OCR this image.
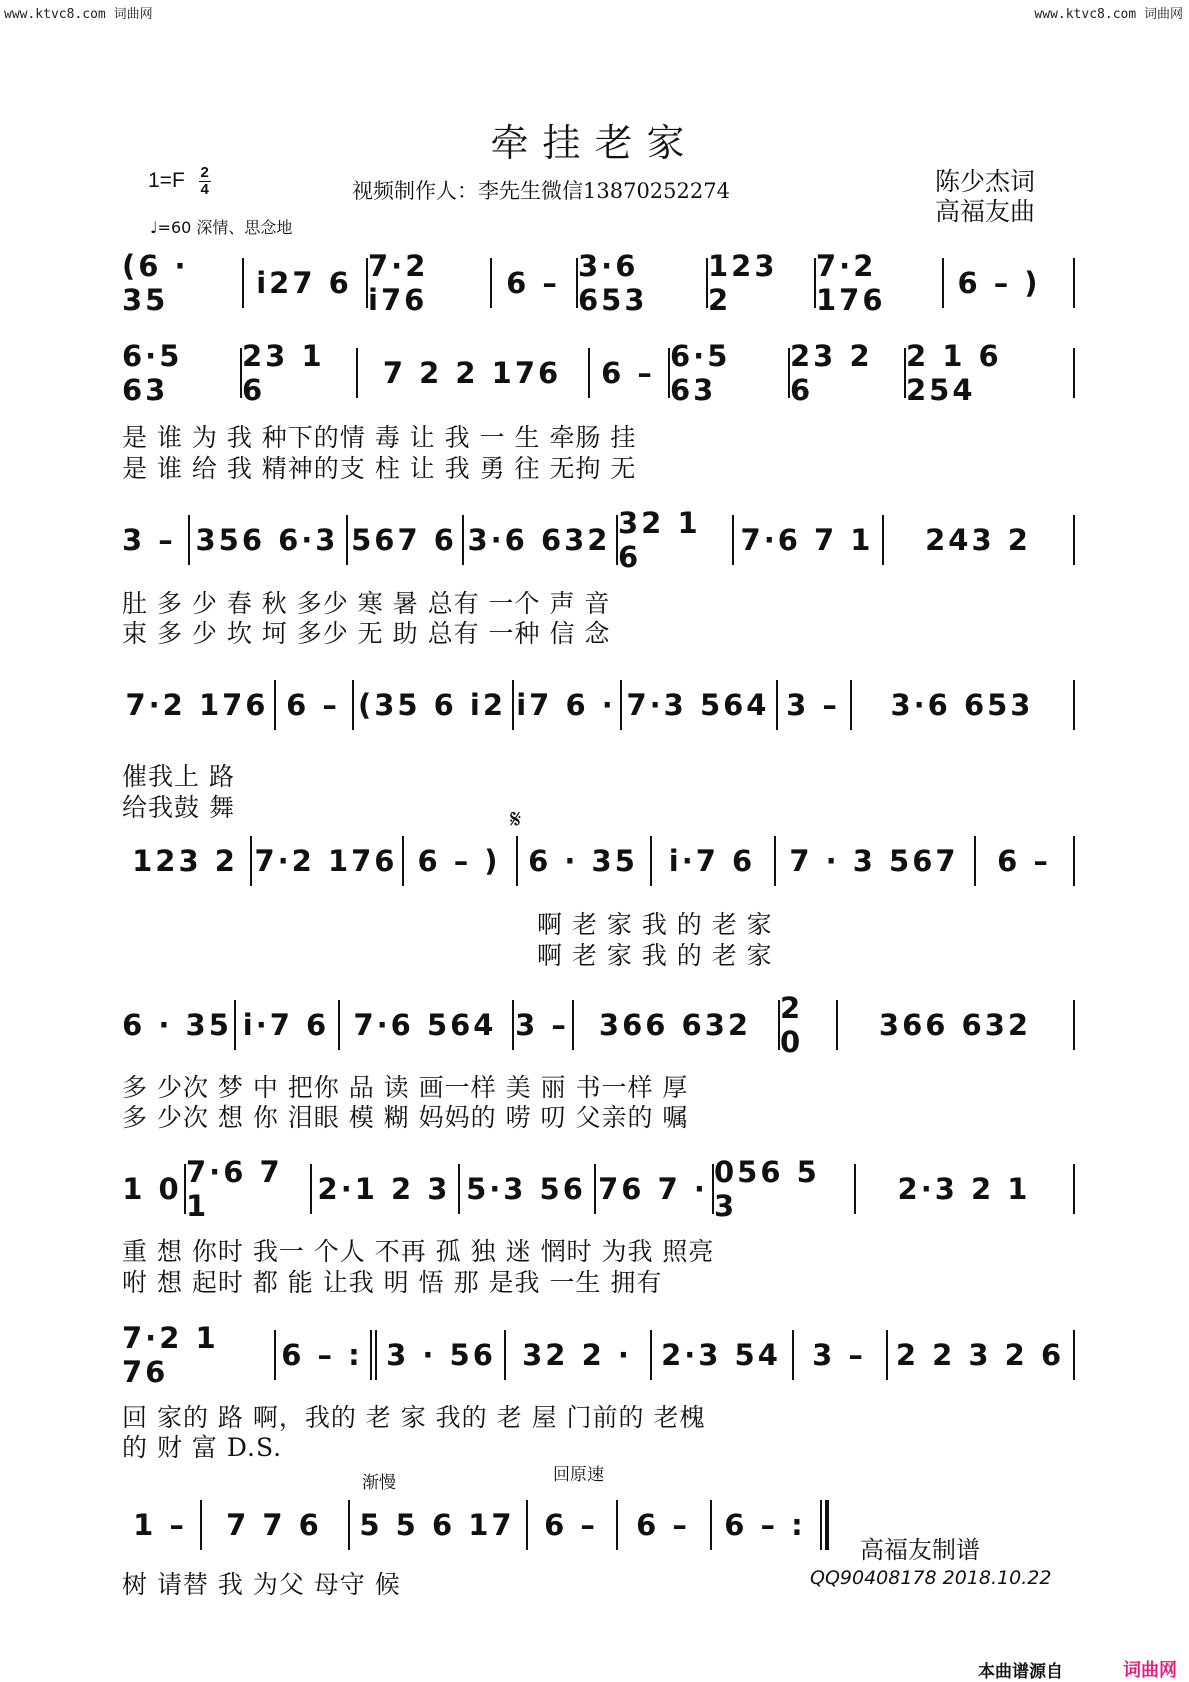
www.ktvc8.com 词曲网	www.ktvc8.com 词曲网
牵挂老家
$1=F \frac{2}{4}$	视频制作人：李先生微信13870252274	陈少杰词
高福友曲
♩=60 深情、思念地
(6 · 35	i27 6 7·2 i76	6 – 3·6 653
123 2
7·2 176	6 – )
6·5 63
23 1 6	7 2 2 176	6 – 6·5 63
23 2 6
2 1 6 254
是 谁 为 我 种下的情 毒 让 我 一 生 牵肠 挂
是 谁 给 我 精神的支 柱 让 我 勇 往 无拘 无
3 – 356 6·3 567 6 3·6 632 32 1 6	7·6 7 1	243 2
肚 多 少 春 秋 多少 寒 暑 总有 一个 声 音
束 多 少 坎 坷 多少 无 助 总有 一种 信 念
7·2 176 6 – (35 6 i2 i7 6 · 7·3 564 3 –	3·6 653
催我上 路
给我鼓 舞	𝄋
123 2 7·2 176 6 – ) 6 · 35	i·7 6	7 · 3 567	6 –
啊 老 家 我 的 老 家
啊 老 家 我 的 老 家
6 · 35 i·7 6 7·6 564 3 –	366 632 2 0	366 632
多 少次 梦 中 把你 品 读 画一样 美 丽 书一样 厚
多 少次 想 你 泪眼 模 糊 妈妈的 唠 叨 父亲的 嘱
1 0 7·6 7 1	2·1 2 3 5·3 56 76 7 · 056 5 3	2·3 2 1
重 想 你时 我一 个人 不再 孤 独 迷 惘时 为我 照亮
咐 想 起时 都 能 让我 明 悟 那 是我 一生 拥有
7·2 1 76	6 – : 3 · 56 32 2 ·	2·3 54	3 –	2 2 3 2 6
回 家的 路 啊，我的 老 家 我的 老 屋 门前的 老槐
的 财 富 D.S.
渐慢	回原速
1 –	7 7 6	5 5 6 17	6 –	6 –	6 – :
树 请替 我 为父 母守 候
高福友制谱
QQ90408178 2018.10.22
本曲谱源自	词曲网
